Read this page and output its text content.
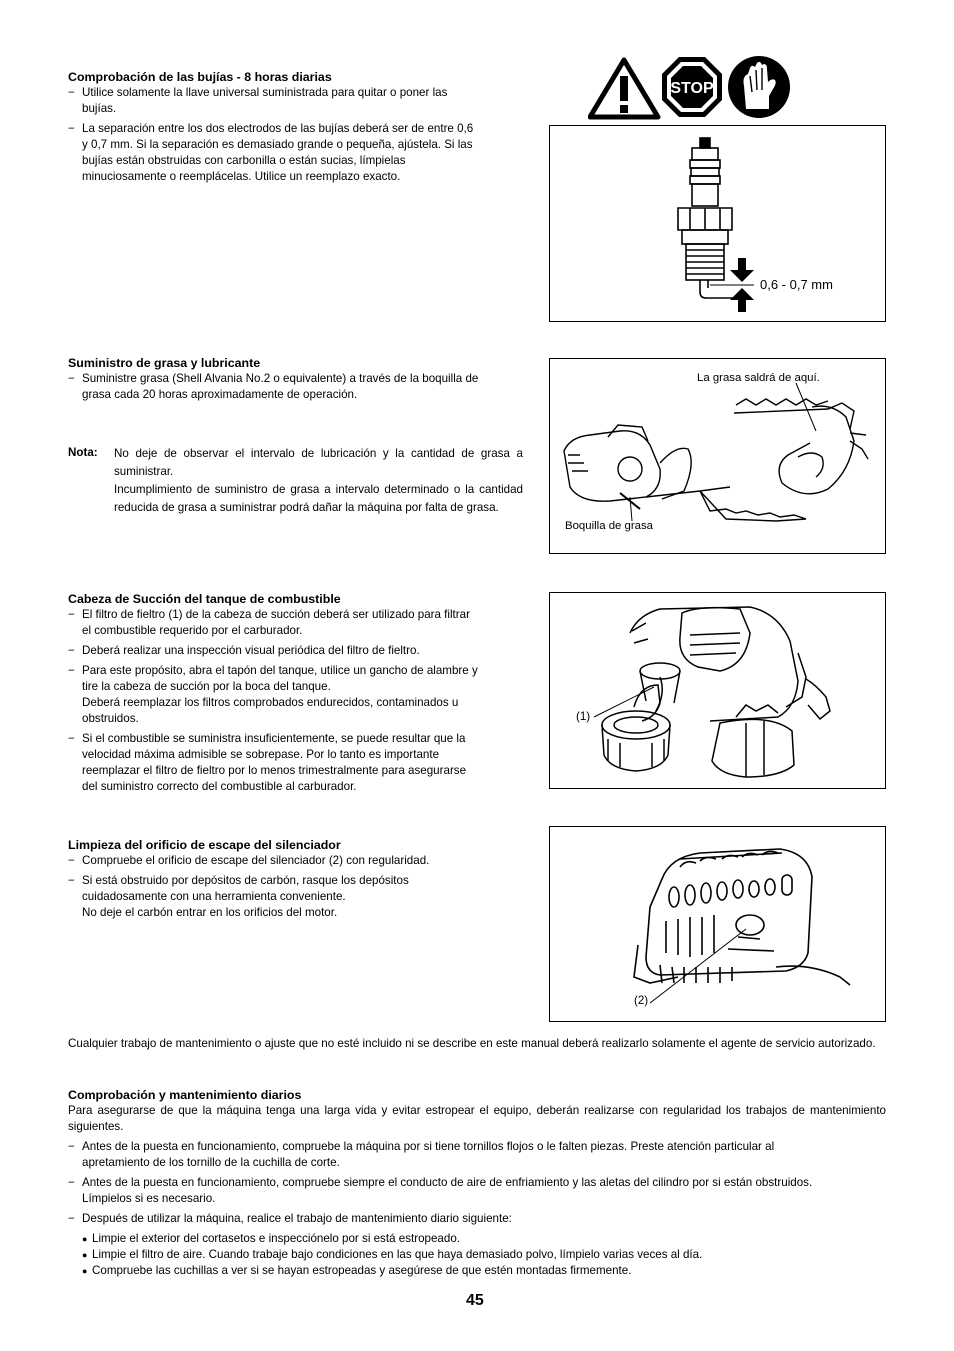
Comprobación de las bujías - 8 horas diarias
− Utilice solamente la llave universal suministrada para quitar o poner las
bujías.
− La separación entre los dos electrodos de las bujías deberá ser de entre 0,6
y 0,7 mm. Si la separación es demasiado grande o pequeña, ajústela. Si las
bujías están obstruidas con carbonilla o están sucias, límpielas
minuciosamente o reemplácelas. Utilice un reemplazo exacto.
STOP
0,6 - 0,7 mm
Suministro de grasa y lubricante
− Suministre grasa (Shell Alvania No.2 o equivalente) a través de la boquilla de
grasa cada 20 horas aproximadamente de operación.
Nota: No deje de observar el intervalo de lubricación y la cantidad de grasa a suministrar.
Incumplimiento de suministro de grasa a intervalo determinado o la cantidad reducida de grasa a suministrar podrá dañar la máquina por falta de grasa.
La grasa saldrá de aquí.
Boquilla de grasa
Cabeza de Succión del tanque de combustible
− El filtro de fieltro (1) de la cabeza de succión deberá ser utilizado para filtrar
el combustible requerido por el carburador.
− Deberá realizar una inspección visual periódica del filtro de fieltro.
− Para este propósito, abra el tapón del tanque, utilice un gancho de alambre y
tire la cabeza de succión por la boca del tanque.
Deberá reemplazar los filtros comprobados endurecidos, contaminados u
obstruidos.
− Si el combustible se suministra insuficientemente, se puede resultar que la
velocidad máxima admisible se sobrepase. Por lo tanto es importante
reemplazar el filtro de fieltro por lo menos trimestralmente para asegurarse
del suministro correcto del combustible al carburador.
(1)
Limpieza del orificio de escape del silenciador
− Compruebe el orificio de escape del silenciador (2) con regularidad.
− Si está obstruido por depósitos de carbón, rasque los depósitos
cuidadosamente con una herramienta conveniente.
No deje el carbón entrar en los orificios del motor.
(2)
Cualquier trabajo de mantenimiento o ajuste que no esté incluido ni se describe en este manual deberá realizarlo solamente el agente de servicio autorizado.
Comprobación y mantenimiento diarios
Para asegurarse de que la máquina tenga una larga vida y evitar estropear el equipo, deberán realizarse con regularidad los trabajos de mantenimiento siguientes.
− Antes de la puesta en funcionamiento, compruebe la máquina por si tiene tornillos flojos o le falten piezas. Preste atención particular al
apretamiento de los tornillo de la cuchilla de corte.
− Antes de la puesta en funcionamiento, compruebe siempre el conducto de aire de enfriamiento y las aletas del cilindro por si están obstruidos.
Límpielos si es necesario.
− Después de utilizar la máquina, realice el trabajo de mantenimiento diario siguiente:
● Limpie el exterior del cortasetos e inspecciónelo por si está estropeado.
● Limpie el filtro de aire. Cuando trabaje bajo condiciones en las que haya demasiado polvo, límpielo varias veces al día.
● Compruebe las cuchillas a ver si se hayan estropeadas y asegúrese de que estén montadas firmemente.
45
